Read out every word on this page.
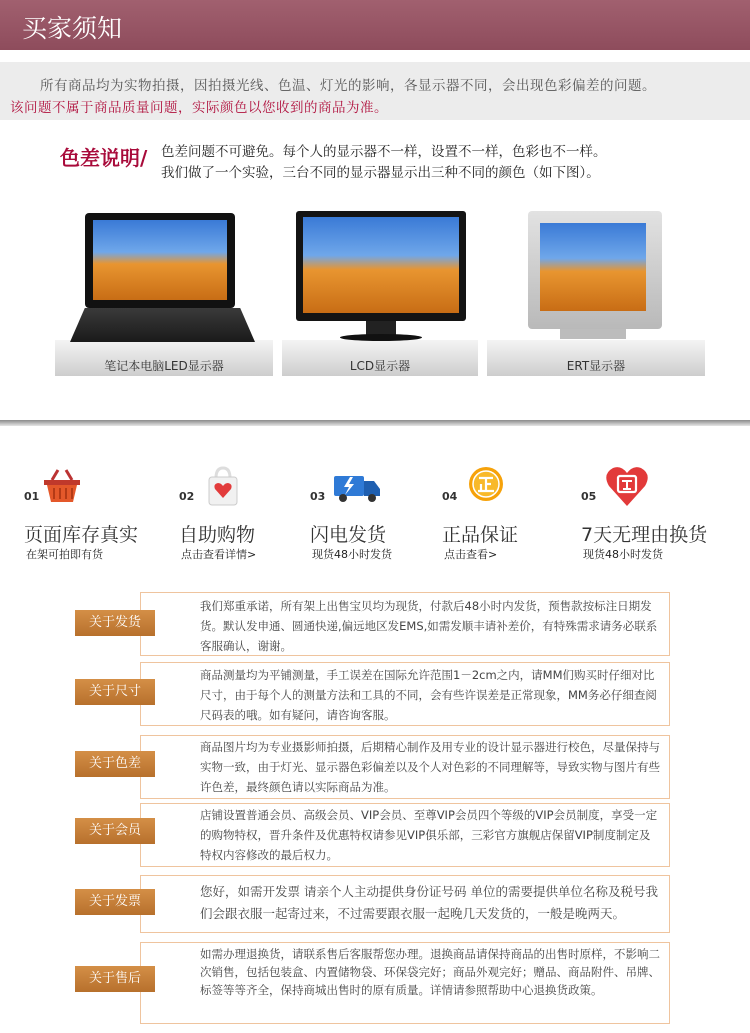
买家须知
所有商品均为实物拍摄，因拍摄光线、色温、灯光的影响，各显示器不同，会出现色彩偏差的问题。
该问题不属于商品质量问题，实际颜色以您收到的商品为准。
色差说明/ 色差问题不可避免。每个人的显示器不一样，设置不一样，色彩也不一样。
我们做了一个实验，三台不同的显示器显示出三种不同的颜色（如下图）。
笔记本电脑LED显示器	LCD显示器	ERT显示器
01
页面库存真实
在架可拍即有货
02
自助购物
点击查看详情>
03
闪电发货
现货48小时发货
04
正品保证
点击查看>
05
7天无理由换货
现货48小时发货
关于发货
我们郑重承诺，所有架上出售宝贝均为现货，付款后48小时内发货，预售款按标注日期发货。默认发申通、圆通快递,偏远地区发EMS,如需发顺丰请补差价，有特殊需求请务必联系客服确认，谢谢。
关于尺寸
商品测量均为平铺测量，手工误差在国际允许范围1－2cm之内，请MM们购买时仔细对比尺寸，由于每个人的测量方法和工具的不同，会有些许误差是正常现象，MM务必仔细查阅尺码表的哦。如有疑问，请咨询客服。
关于色差
商品图片均为专业摄影师拍摄，后期精心制作及用专业的设计显示器进行校色，尽量保持与实物一致，由于灯光、显示器色彩偏差以及个人对色彩的不同理解等，导致实物与图片有些许色差，最终颜色请以实际商品为准。
关于会员
店铺设置普通会员、高级会员、VIP会员、至尊VIP会员四个等级的VIP会员制度，享受一定的购物特权，晋升条件及优惠特权请参见VIP俱乐部，三彩官方旗舰店保留VIP制度制定及特权内容修改的最后权力。
关于发票
您好，如需开发票 请亲个人主动提供身份证号码 单位的需要提供单位名称及税号我们会跟衣服一起寄过来，不过需要跟衣服一起晚几天发货的，一般是晚两天。
关于售后
如需办理退换货，请联系售后客服帮您办理。退换商品请保持商品的出售时原样，不影响二次销售，包括包装盒、内置储物袋、环保袋完好；商品外观完好；赠品、商品附件、吊牌、标签等等齐全，保持商城出售时的原有质量。详情请参照帮助中心退换货政策。
